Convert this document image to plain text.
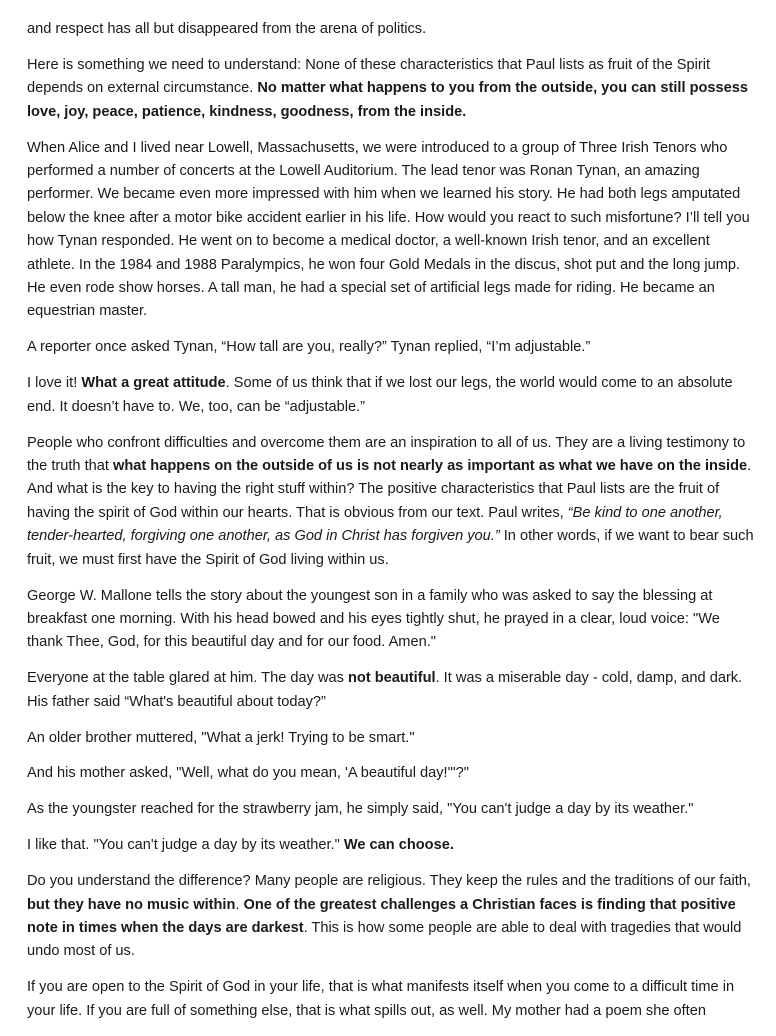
and respect has all but disappeared from the arena of politics.

Here is something we need to understand: None of these characteristics that Paul lists as fruit of the Spirit depends on external circumstance. No matter what happens to you from the outside, you can still possess love, joy, peace, patience, kindness, goodness, from the inside.

When Alice and I lived near Lowell, Massachusetts, we were introduced to a group of Three Irish Tenors who performed a number of concerts at the Lowell Auditorium. The lead tenor was Ronan Tynan, an amazing performer. We became even more impressed with him when we learned his story. He had both legs amputated below the knee after a motor bike accident earlier in his life. How would you react to such misfortune? I’ll tell you how Tynan responded. He went on to become a medical doctor, a well-known Irish tenor, and an excellent athlete. In the 1984 and 1988 Paralympics, he won four Gold Medals in the discus, shot put and the long jump. He even rode show horses. A tall man, he had a special set of artificial legs made for riding. He became an equestrian master.

A reporter once asked Tynan, “How tall are you, really?” Tynan replied, “I’m adjustable.”

I love it! What a great attitude. Some of us think that if we lost our legs, the world would come to an absolute end. It doesn’t have to. We, too, can be “adjustable.”

People who confront difficulties and overcome them are an inspiration to all of us. They are a living testimony to the truth that what happens on the outside of us is not nearly as important as what we have on the inside. And what is the key to having the right stuff within? The positive characteristics that Paul lists are the fruit of having the spirit of God within our hearts. That is obvious from our text. Paul writes, “Be kind to one another, tender-hearted, forgiving one another, as God in Christ has forgiven you.” In other words, if we want to bear such fruit, we must first have the Spirit of God living within us.

George W. Mallone tells the story about the youngest son in a family who was asked to say the blessing at breakfast one morning. With his head bowed and his eyes tightly shut, he prayed in a clear, loud voice: "We thank Thee, God, for this beautiful day and for our food. Amen."

Everyone at the table glared at him. The day was not beautiful. It was a miserable day - cold, damp, and dark. His father said “What's beautiful about today?”

An older brother muttered, "What a jerk! Trying to be smart."

And his mother asked, "Well, what do you mean, 'A beautiful day!'"?"

As the youngster reached for the strawberry jam, he simply said, "You can't judge a day by its weather."

I like that. "You can't judge a day by its weather." We can choose.

Do you understand the difference? Many people are religious. They keep the rules and the traditions of our faith, but they have no music within. One of the greatest challenges a Christian faces is finding that positive note in times when the days are darkest. This is how some people are able to deal with tragedies that would undo most of us.

If you are open to the Spirit of God in your life, that is what manifests itself when you come to a difficult time in your life. If you are full of something else, that is what spills out, as well. My mother had a poem she often
